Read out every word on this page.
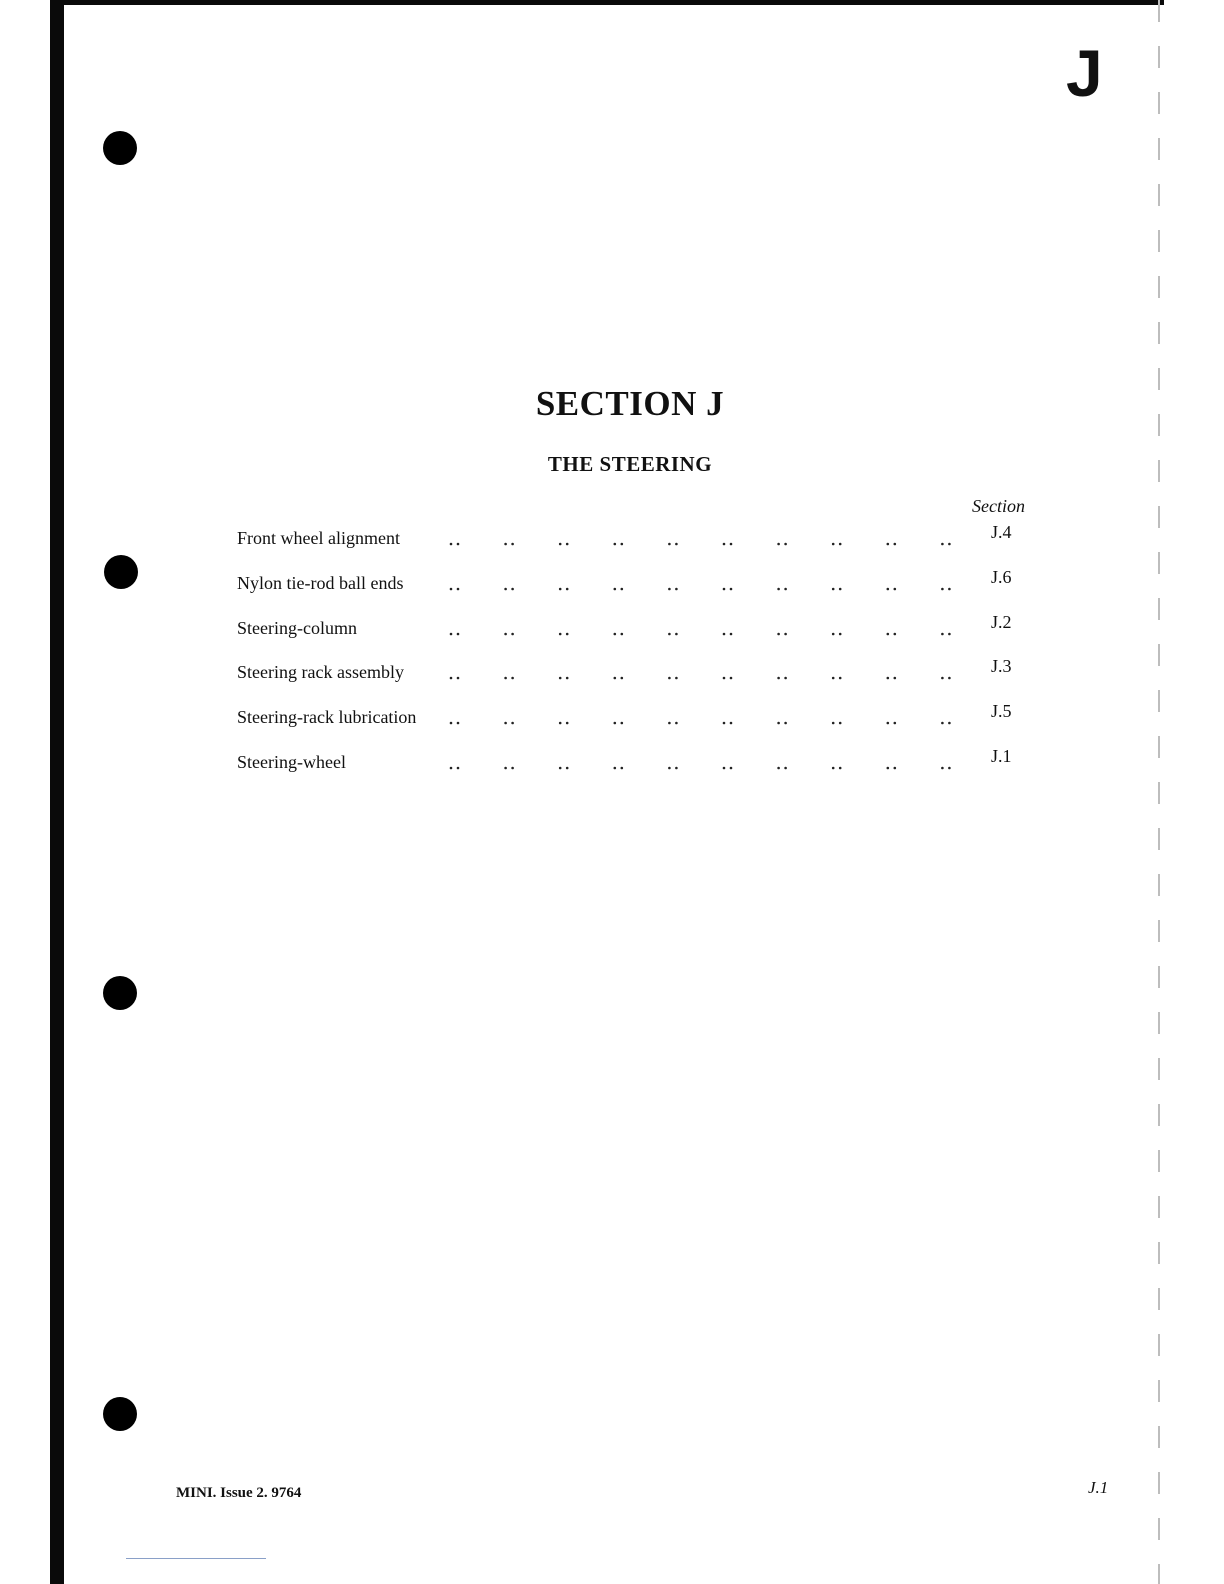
J
SECTION J
THE STEERING
Section
Front wheel alignment	J.4
Nylon tie-rod ball ends	J.6
Steering-column	J.2
Steering rack assembly	J.3
Steering-rack lubrication	J.5
Steering-wheel	J.1
MINI. Issue 2. 9764	J.1
